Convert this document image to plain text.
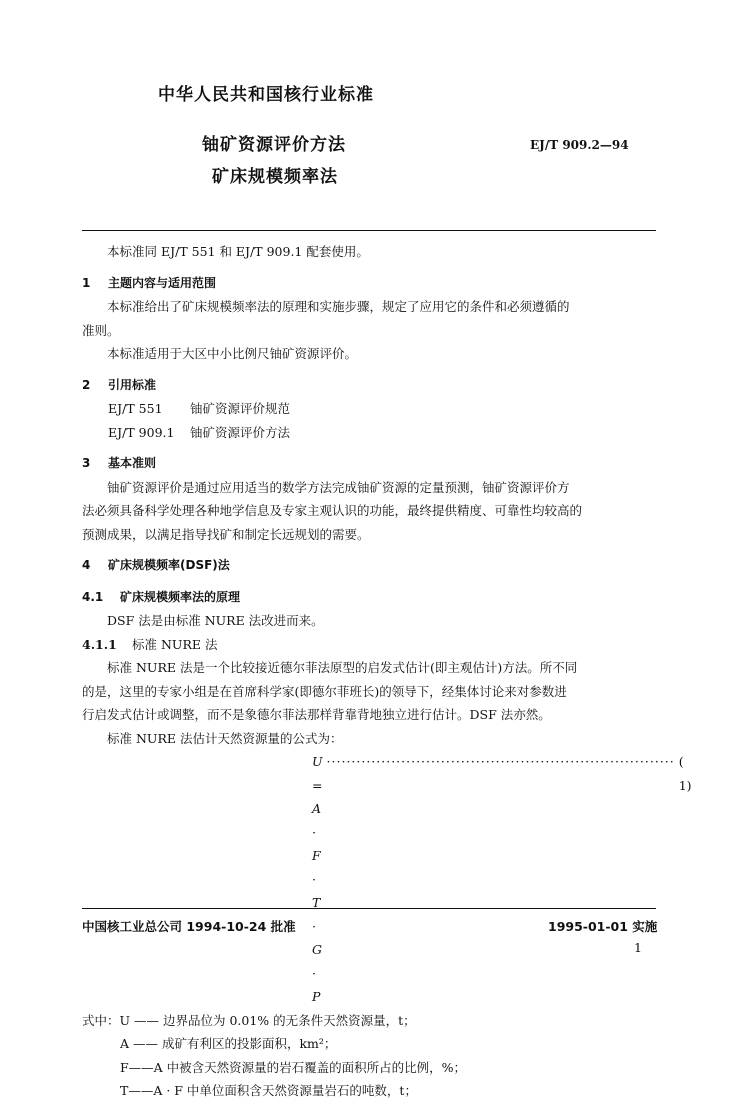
中华人民共和国核行业标准
铀矿资源评价方法
矿床规模频率法
EJ/T 909.2—94

本标准同 EJ/T 551 和 EJ/T 909.1 配套使用。

1 主题内容与适用范围

本标准给出了矿床规模频率法的原理和实施步骤，规定了应用它的条件和必须遵循的

准则。

本标准适用于大区中小比例尺铀矿资源评价。

2 引用标准

EJ/T 551 铀矿资源评价规范

EJ/T 909.1 铀矿资源评价方法

3 基本准则

铀矿资源评价是通过应用适当的数学方法完成铀矿资源的定量预测，铀矿资源评价方

法必须具备科学处理各种地学信息及专家主观认识的功能，最终提供精度、可靠性均较高的

预测成果，以满足指导找矿和制定长远规划的需要。

4 矿床规模频率(DSF)法

4.1 矿床规模频率法的原理

DSF 法是由标准 NURE 法改进而来。

4.1.1 标准 NURE 法

标准 NURE 法是一个比较接近德尔菲法原型的启发式估计(即主观估计)方法。所不同

的是，这里的专家小组是在首席科学家(即德尔菲班长)的领导下，经集体讨论来对参数进

行启发式估计或调整，而不是象德尔菲法那样背靠背地独立进行估计。DSF 法亦然。

标准 NURE 法估计天然资源量的公式为：

U = A · F · T · G · P
······································································ ( 1)

式中：U —— 边界品位为 0.01% 的无条件天然资源量，t；

A —— 成矿有利区的投影面积，km²；

F——A 中被含天然资源量的岩石覆盖的面积所占的比例，%；

T——A · F 中单位面积含天然资源量岩石的吨数，t；

中国核工业总公司 1994-10-24 批准	1995-01-01 实施
1
